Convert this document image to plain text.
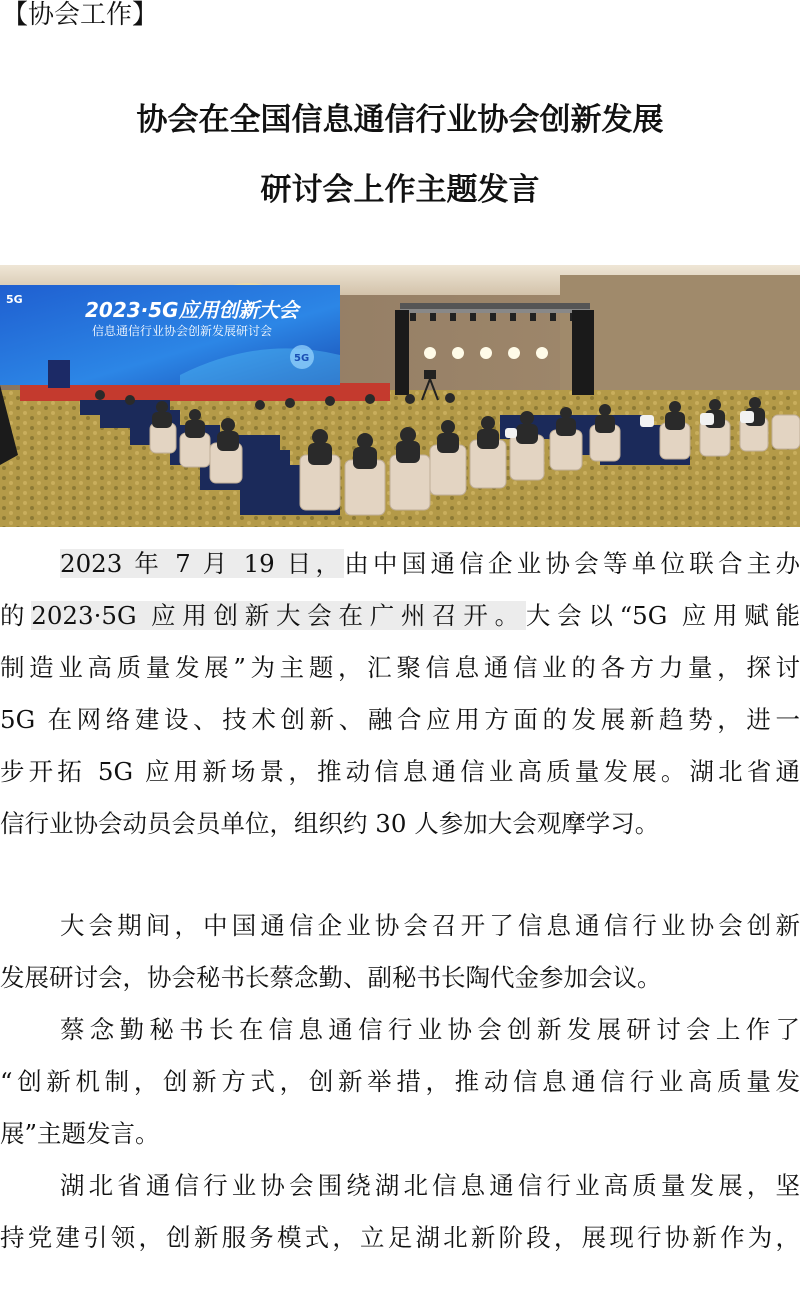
【协会工作】
协会在全国信息通信行业协会创新发展
研讨会上作主题发言
5G	2023·5G应用创新大会
信息通信行业协会创新发展研讨会
5G
2023 年 7 月 19 日，由中国通信企业协会等单位联合主办
的2023·5G 应用创新大会在广州召开。大会以“5G 应用赋能
制造业高质量发展”为主题，汇聚信息通信业的各方力量，探讨
5G 在网络建设、技术创新、融合应用方面的发展新趋势，进一
步开拓 5G 应用新场景，推动信息通信业高质量发展。湖北省通
信行业协会动员会员单位，组织约 30 人参加大会观摩学习。
大会期间，中国通信企业协会召开了信息通信行业协会创新
发展研讨会，协会秘书长蔡念勤、副秘书长陶代金参加会议。
蔡念勤秘书长在信息通信行业协会创新发展研讨会上作了
“创新机制，创新方式，创新举措，推动信息通信行业高质量发
展”主题发言。
湖北省通信行业协会围绕湖北信息通信行业高质量发展，坚
持党建引领，创新服务模式，立足湖北新阶段，展现行协新作为，
